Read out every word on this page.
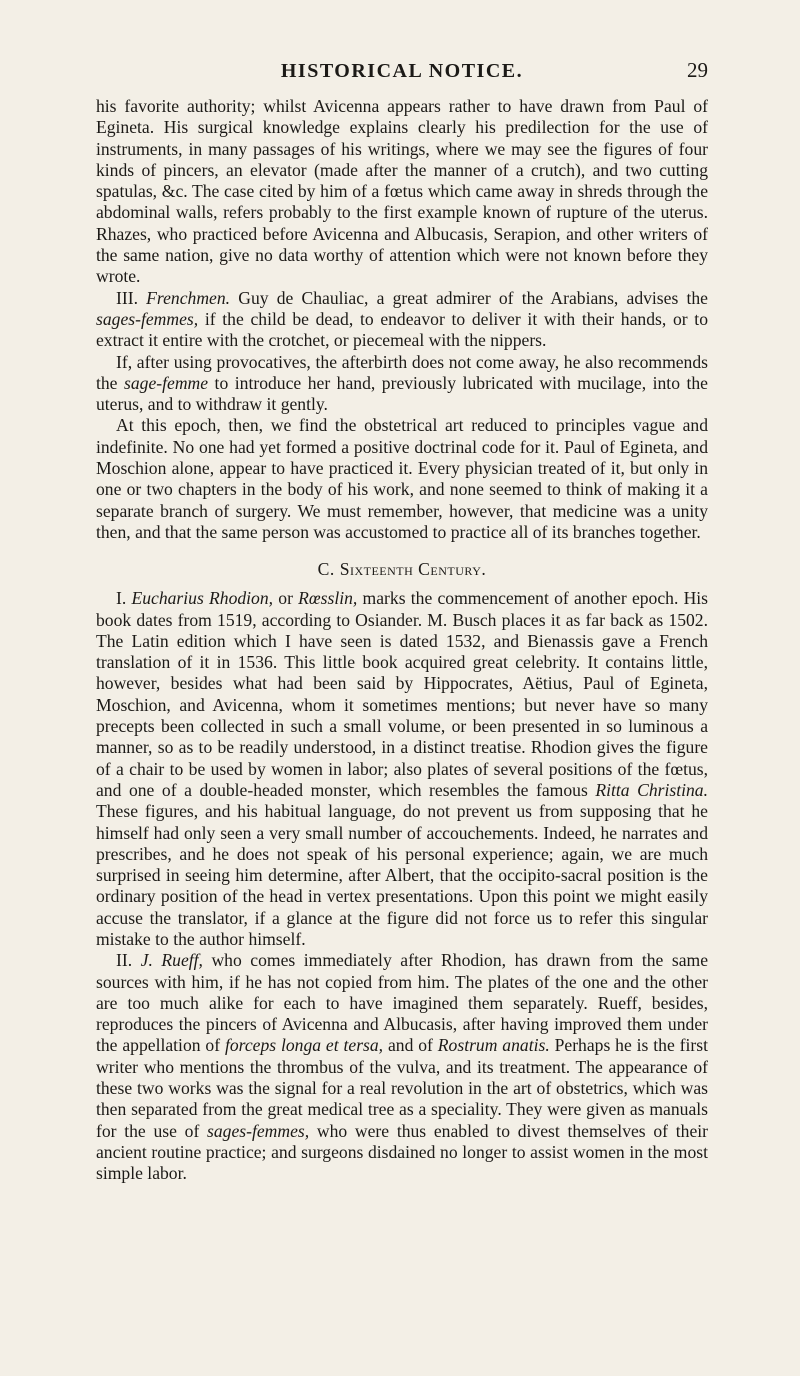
HISTORICAL NOTICE.	29

his favorite authority; whilst Avicenna appears rather to have drawn from Paul of Egineta. His surgical knowledge explains clearly his predilection for the use of instruments, in many passages of his writings, where we may see the figures of four kinds of pincers, an elevator (made after the manner of a crutch), and two cutting spatulas, &c. The case cited by him of a fœtus which came away in shreds through the abdominal walls, refers probably to the first example known of rupture of the uterus. Rhazes, who practiced before Avicenna and Albucasis, Serapion, and other writers of the same nation, give no data worthy of attention which were not known before they wrote.

III. Frenchmen. Guy de Chauliac, a great admirer of the Arabians, advises the sages-femmes, if the child be dead, to endeavor to deliver it with their hands, or to extract it entire with the crotchet, or piecemeal with the nippers.

If, after using provocatives, the afterbirth does not come away, he also recommends the sage-femme to introduce her hand, previously lubricated with mucilage, into the uterus, and to withdraw it gently.

At this epoch, then, we find the obstetrical art reduced to principles vague and indefinite. No one had yet formed a positive doctrinal code for it. Paul of Egineta, and Moschion alone, appear to have practiced it. Every physician treated of it, but only in one or two chapters in the body of his work, and none seemed to think of making it a separate branch of surgery. We must remember, however, that medicine was a unity then, and that the same person was accustomed to practice all of its branches together.

C. Sixteenth Century.

I. Eucharius Rhodion, or Rœsslin, marks the commencement of another epoch. His book dates from 1519, according to Osiander. M. Busch places it as far back as 1502. The Latin edition which I have seen is dated 1532, and Bienassis gave a French translation of it in 1536. This little book acquired great celebrity. It contains little, however, besides what had been said by Hippocrates, Aëtius, Paul of Egineta, Moschion, and Avicenna, whom it sometimes mentions; but never have so many precepts been collected in such a small volume, or been presented in so luminous a manner, so as to be readily understood, in a distinct treatise. Rhodion gives the figure of a chair to be used by women in labor; also plates of several positions of the fœtus, and one of a double-headed monster, which resembles the famous Ritta Christina. These figures, and his habitual language, do not prevent us from supposing that he himself had only seen a very small number of accouchements. Indeed, he narrates and prescribes, and he does not speak of his personal experience; again, we are much surprised in seeing him determine, after Albert, that the occipito-sacral position is the ordinary position of the head in vertex presentations. Upon this point we might easily accuse the translator, if a glance at the figure did not force us to refer this singular mistake to the author himself.

II. J. Rueff, who comes immediately after Rhodion, has drawn from the same sources with him, if he has not copied from him. The plates of the one and the other are too much alike for each to have imagined them separately. Rueff, besides, reproduces the pincers of Avicenna and Albucasis, after having improved them under the appellation of forceps longa et tersa, and of Rostrum anatis. Perhaps he is the first writer who mentions the thrombus of the vulva, and its treatment. The appearance of these two works was the signal for a real revolution in the art of obstetrics, which was then separated from the great medical tree as a speciality. They were given as manuals for the use of sages-femmes, who were thus enabled to divest themselves of their ancient routine practice; and surgeons disdained no longer to assist women in the most simple labor.
